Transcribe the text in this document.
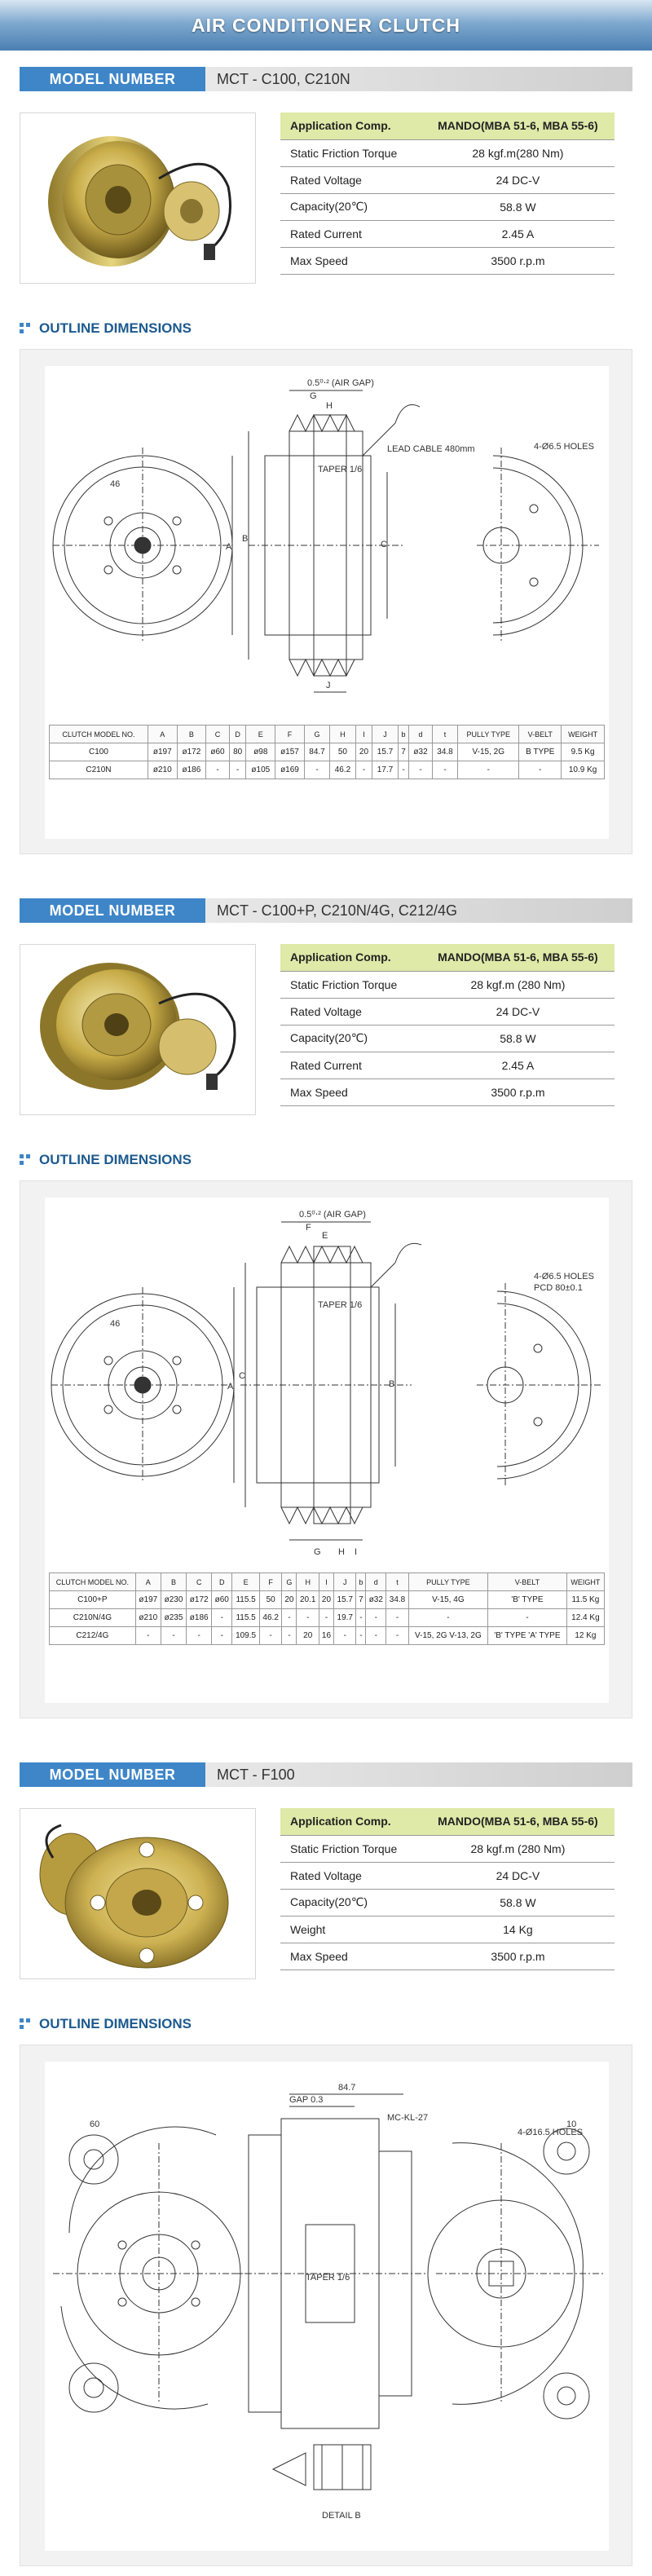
AIR CONDITIONER CLUTCH
MODEL NUMBER	MCT - C100, C210N
Application Comp.	MANDO(MBA 51-6, MBA 55-6)
Static Friction Torque	28 kgf.m(280 Nm)
Rated Voltage	24 DC-V
Capacity(20℃)	58.8 W
Rated Current	2.45 A
Max Speed	3500 r.p.m
OUTLINE DIMENSIONS
0.5⁰⋅² (AIR GAP)
A
B
C
J
46
4-Ø6.5 HOLES
LEAD CABLE 480mm
TAPER 1/6
H
G
CLUTCH MODEL NO.	A	B	C	D	E	F	G	H	I	J	b	d	t	PULLY TYPE	V-BELT	WEIGHT
C100	ø197	ø172	ø60	80	ø98	ø157	84.7	50	20	15.7	7	ø32	34.8	V-15, 2G	B TYPE	9.5 Kg
C210N	ø210	ø186	-	-	ø105	ø169	-	46.2	-	17.7	-	-	-	-	-	10.9 Kg
MODEL NUMBER	MCT - C100+P, C210N/4G, C212/4G
Application Comp.	MANDO(MBA 51-6, MBA 55-6)
Static Friction Torque	28 kgf.m (280 Nm)
Rated Voltage	24 DC-V
Capacity(20℃)	58.8 W
Rated Current	2.45 A
Max Speed	3500 r.p.m
OUTLINE DIMENSIONS
0.5⁰⋅² (AIR GAP)
A
C
B
46
4-Ø6.5 HOLES
PCD 80±0.1
TAPER 1/6
E
F
G H I
CLUTCH MODEL NO.	A	B	C	D	E	F	G	H	I	J	b	d	t	PULLY TYPE	V-BELT	WEIGHT
C100+P	ø197	ø230	ø172	ø60	115.5	50	20	20.1	20	15.7	7	ø32	34.8	V-15, 4G	'B' TYPE	11.5 Kg
C210N/4G	ø210	ø235	ø186	-	115.5	46.2	-	-	-	19.7	-	-	-	-	-	12.4 Kg
C212/4G	-	-	-	-	109.5	-	-	20	16	-	-	-	-	V-15, 2G V-13, 2G	'B' TYPE 'A' TYPE	12 Kg
MODEL NUMBER	MCT - F100
Application Comp.	MANDO(MBA 51-6, MBA 55-6)
Static Friction Torque	28 kgf.m (280 Nm)
Rated Voltage	24 DC-V
Capacity(20℃)	58.8 W
Weight	14 Kg
Max Speed	3500 r.p.m
OUTLINE DIMENSIONS
84.7
GAP 0.3
MC-KL-27
4-Ø16.5 HOLES
TAPER 1/6
DETAIL B
60	10
